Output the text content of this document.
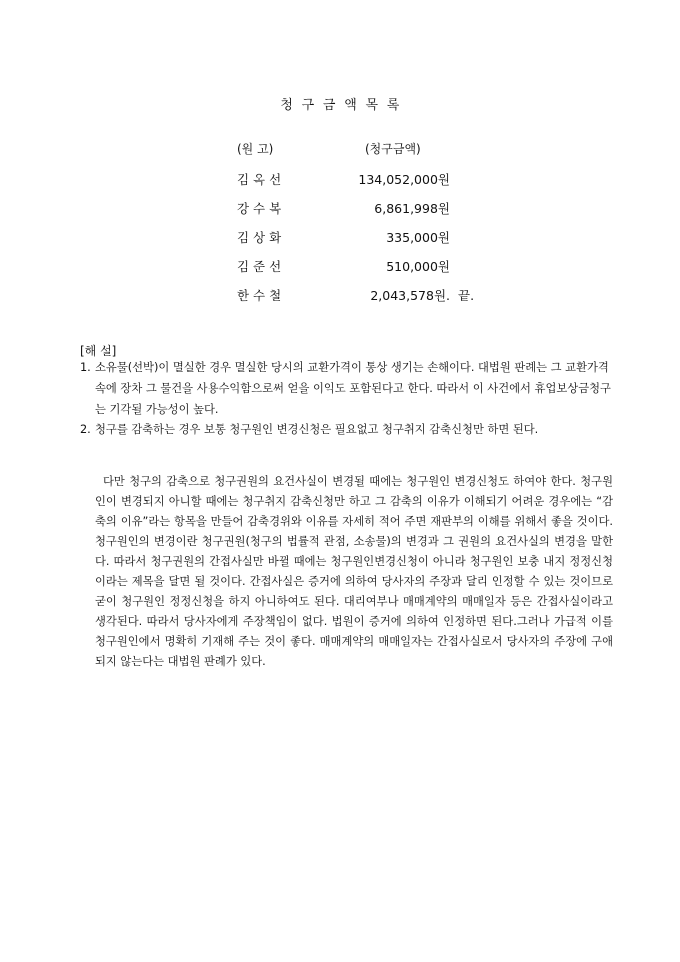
청 구 금 액 목 록
(원 고)	(청구금액)
김 옥 선	134,052,000원
강 수 복	6,861,998원
김 상 화	335,000원
김 준 선	510,000원
한 수 철	2,043,578원. 끝.
[해 설]
1. 소유물(선박)이 멸실한 경우 멸실한 당시의 교환가격이 통상 생기는 손해이다. 대법원 판례는 그 교환가격 속에 장차 그 물건을 사용수익함으로써 얻을 이익도 포함된다고 한다. 따라서 이 사건에서 휴업보상금청구는 기각될 가능성이 높다.

2. 청구를 감축하는 경우 보통 청구원인 변경신청은 필요없고 청구취지 감축신청만 하면 된다.

다만 청구의 감축으로 청구권원의 요건사실이 변경될 때에는 청구원인 변경신청도 하여야 한다. 청구원인이 변경되지 아니할 때에는 청구취지 감축신청만 하고 그 감축의 이유가 이해되기 어려운 경우에는 “감축의 이유”라는 항목을 만들어 감축경위와 이유를 자세히 적어 주면 재판부의 이해를 위해서 좋을 것이다. 청구원인의 변경이란 청구권원(청구의 법률적 관점, 소송물)의 변경과 그 권원의 요건사실의 변경을 말한다. 따라서 청구권원의 간접사실만 바뀔 때에는 청구원인변경신청이 아니라 청구원인 보충 내지 정정신청이라는 제목을 달면 될 것이다. 간접사실은 증거에 의하여 당사자의 주장과 달리 인정할 수 있는 것이므로 굳이 청구원인 정정신청을 하지 아니하여도 된다. 대리여부나 매매계약의 매매일자 등은 간접사실이라고 생각된다. 따라서 당사자에게 주장책임이 없다. 법원이 증거에 의하여 인정하면 된다.그러나 가급적 이를 청구원인에서 명확히 기재해 주는 것이 좋다. 매매계약의 매매일자는 간접사실로서 당사자의 주장에 구애되지 않는다는 대법원 판례가 있다.
